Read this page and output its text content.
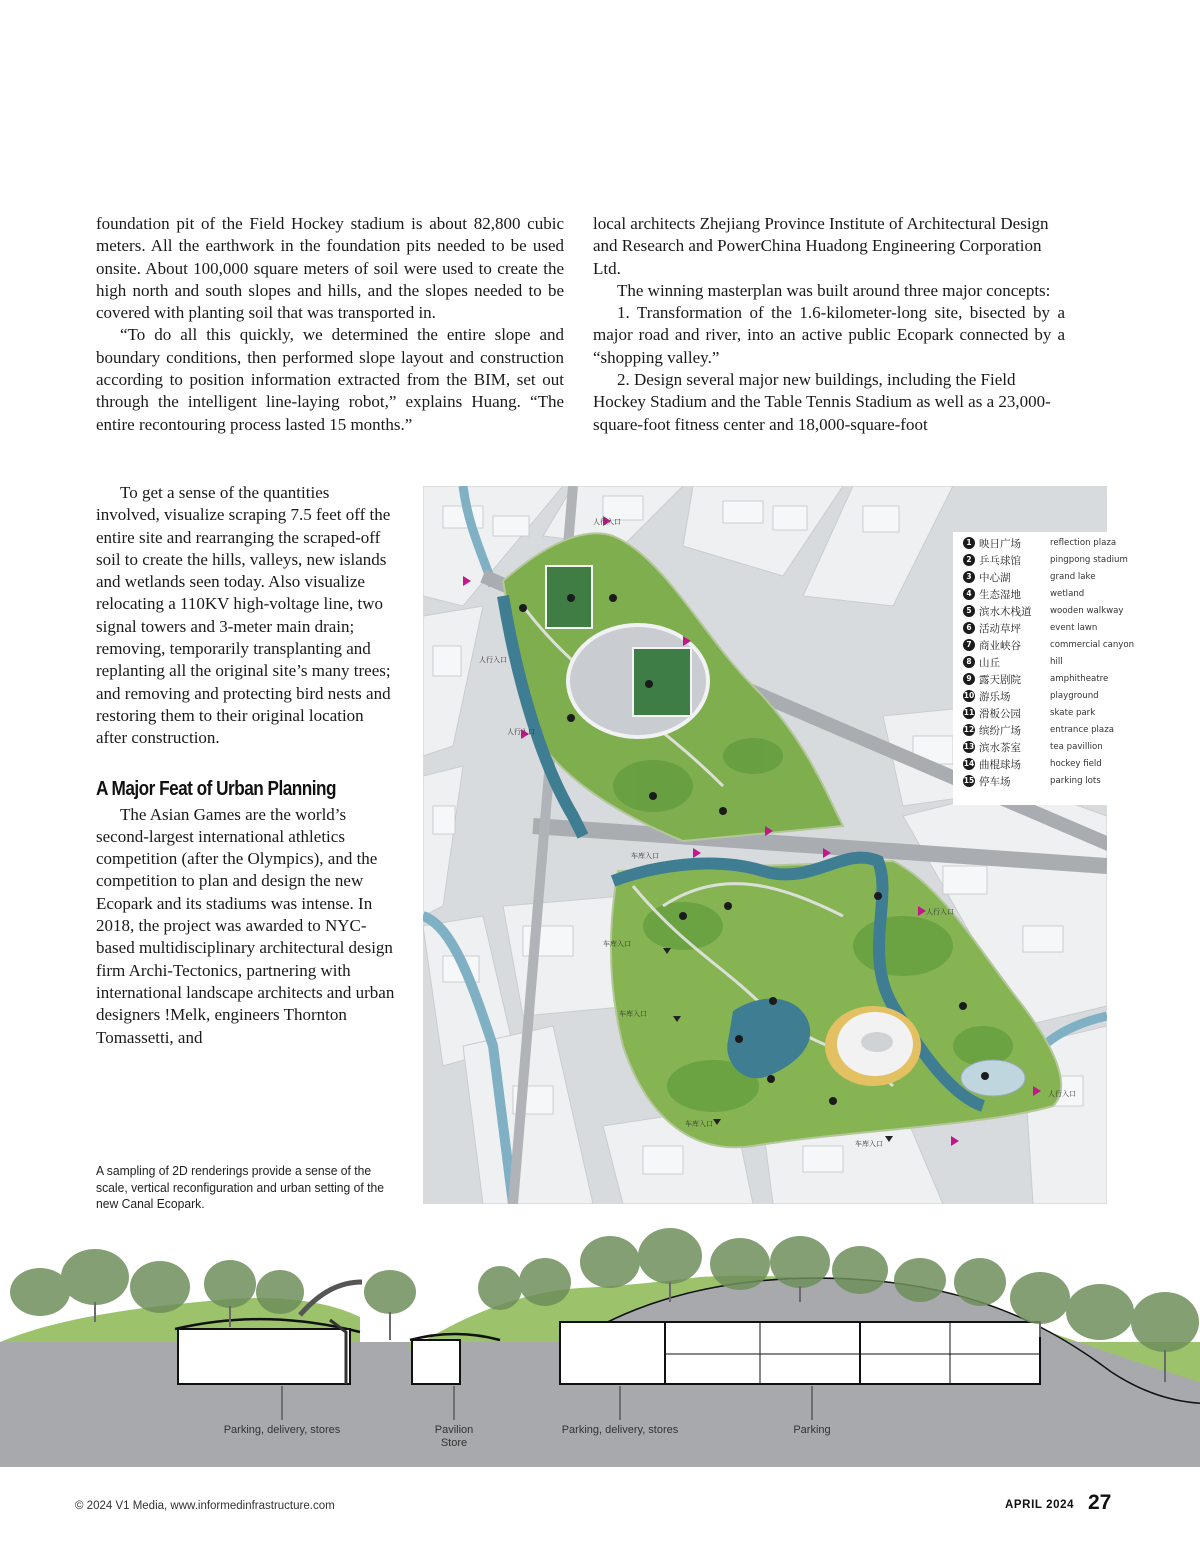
foundation pit of the Field Hockey stadium is about 82,800 cubic meters. All the earthwork in the foundation pits needed to be used onsite. About 100,000 square meters of soil were used to create the high north and south slopes and hills, and the slopes needed to be covered with planting soil that was transported in.

“To do all this quickly, we determined the entire slope and boundary conditions, then performed slope layout and construction according to position information extracted from the BIM, set out through the intelligent line-laying robot,” explains Huang. “The entire recontouring process lasted 15 months.”

local architects Zhejiang Province Institute of Architectural Design and Research and PowerChina Huadong Engineering Corporation Ltd.

The winning masterplan was built around three major concepts:

1. Transformation of the 1.6-kilometer-long site, bisected by a major road and river, into an active public Ecopark connected by a “shopping valley.”

2. Design several major new buildings, including the Field Hockey Stadium and the Table Tennis Stadium as well as a 23,000-square-foot fitness center and 18,000-square-foot

To get a sense of the quantities involved, visualize scraping 7.5 feet off the entire site and rearranging the scraped-off soil to create the hills, valleys, new islands and wetlands seen today. Also visualize relocating a 110KV high-voltage line, two signal towers and 3-meter main drain; removing, temporarily transplanting and replanting all the original site’s many trees; and removing and protecting bird nests and restoring them to their original location after construction.

A Major Feat of Urban Planning

The Asian Games are the world’s second-largest international athletics competition (after the Olympics), and the competition to plan and design the new Ecopark and its stadiums was intense. In 2018, the project was awarded to NYC-based multidisciplinary architectural design firm Archi-Tectonics, partnering with international landscape architects and urban designers !Melk, engineers Thornton Tomassetti, and

A sampling of 2D renderings provide a sense of the scale, vertical reconfiguration and urban setting of the new Canal Ecopark.
车库入口
车库入口
车库入口
车库入口
车库入口
人行入口
人行入口
人行入口
人行入口
人行入口
1 映日广场	reflection plaza
2 乒乓球馆	pingpong stadium
3 中心湖	grand lake
4 生态湿地	wetland
5 滨水木栈道 wooden walkway
6 活动草坪	event lawn
7 商业峡谷	commercial canyon
8 山丘	hill
9 露天剧院	amphitheatre
10 游乐场	playground
11 滑板公园	skate park
12 缤纷广场	entrance plaza
13 滨水茶室	tea pavillion
14 曲棍球场	hockey field
15 停车场	parking lots
Parking, delivery, stores	Pavilion
Store
Parking, delivery, stores	Parking
© 2024 V1 Media, www.informedinfrastructure.com	APRIL 2024 27
